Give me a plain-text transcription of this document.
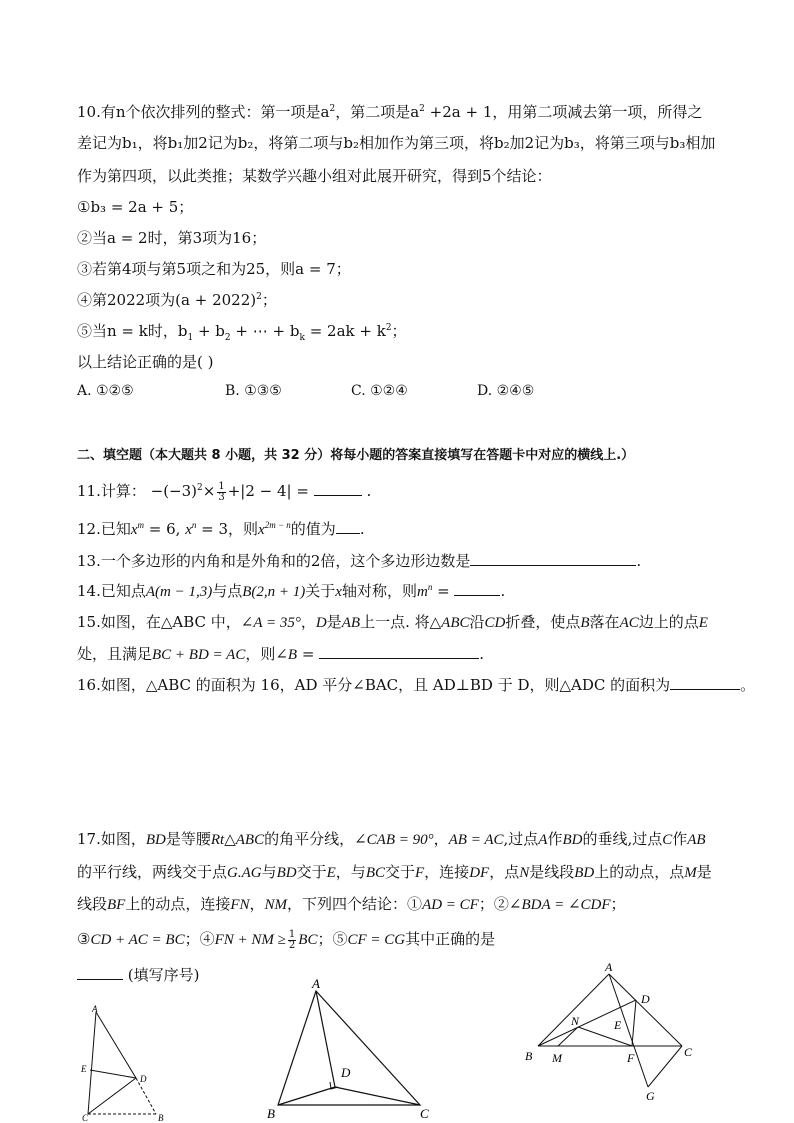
10.有n个依次排列的整式：第一项是$a^2$，第二项是$a^2 +2a + 1$，用第二项减去第一项，所得之
差记为b₁，将b₁加2记为b₂，将第二项与b₂相加作为第三项，将b₂加2记为b₃，将第三项与b₃相加
作为第四项，以此类推；某数学兴趣小组对此展开研究，得到5个结论：
①b₃ = 2a + 5；
②当a = 2时，第3项为16；
③若第4项与第5项之和为25，则a = 7；
④第2022项为$(a + 2022)^2$；
⑤当n = k时，$b_1 + b_2$ + ⋯ + $b_k = 2ak + k^2$；
以上结论正确的是( )
A. ①②⑤	B. ①③⑤	C. ①②④	D. ②④⑤
二、填空题（本大题共 8 小题，共 32 分）将每小题的答案直接填写在答题卡中对应的横线上.）
11.计算： $-(-3)^2\times \frac{1}{3} +|2 - 4|$ =	.
12.已知$x^m = 6$, $x^n = 3$，则$x^{2m - n}$的值为 .
13.一个多边形的内角和是外角和的2倍，这个多边形边数是	.
14.已知点A(m − 1,3)与点B(2,n + 1)关于x轴对称，则$m^n$ =	.
15.如图，在△ABC 中，∠A = 35°，D是AB上一点. 将△ABC沿CD折叠，使点B落在AC边上的点E
处，且满足BC + BD = AC，则∠B =	.
16.如图，△ABC 的面积为 16，AD 平分∠BAC，且 AD⊥BD 于 D，则△ADC 的面积为	。
17.如图，BD是等腰Rt△ABC的角平分线，∠CAB = 90°，AB = AC,过点A作BD的垂线,过点C作AB
的平行线，两线交于点G.AG与BD交于E，与BC交于F，连接DF，点N是线段BD上的动点，点M是
线段BF上的动点，连接FN，NM，下列四个结论：①AD = CF；②∠BDA = ∠CDF；
③CD + AC = BC；④FN + NM ≥ $\frac{1}{2}$ BC；⑤CF = CG其中正确的是
(填写序号)
A
E
D
C	B
A
D
B	C
A
D
N	E
B M	F	C
G
